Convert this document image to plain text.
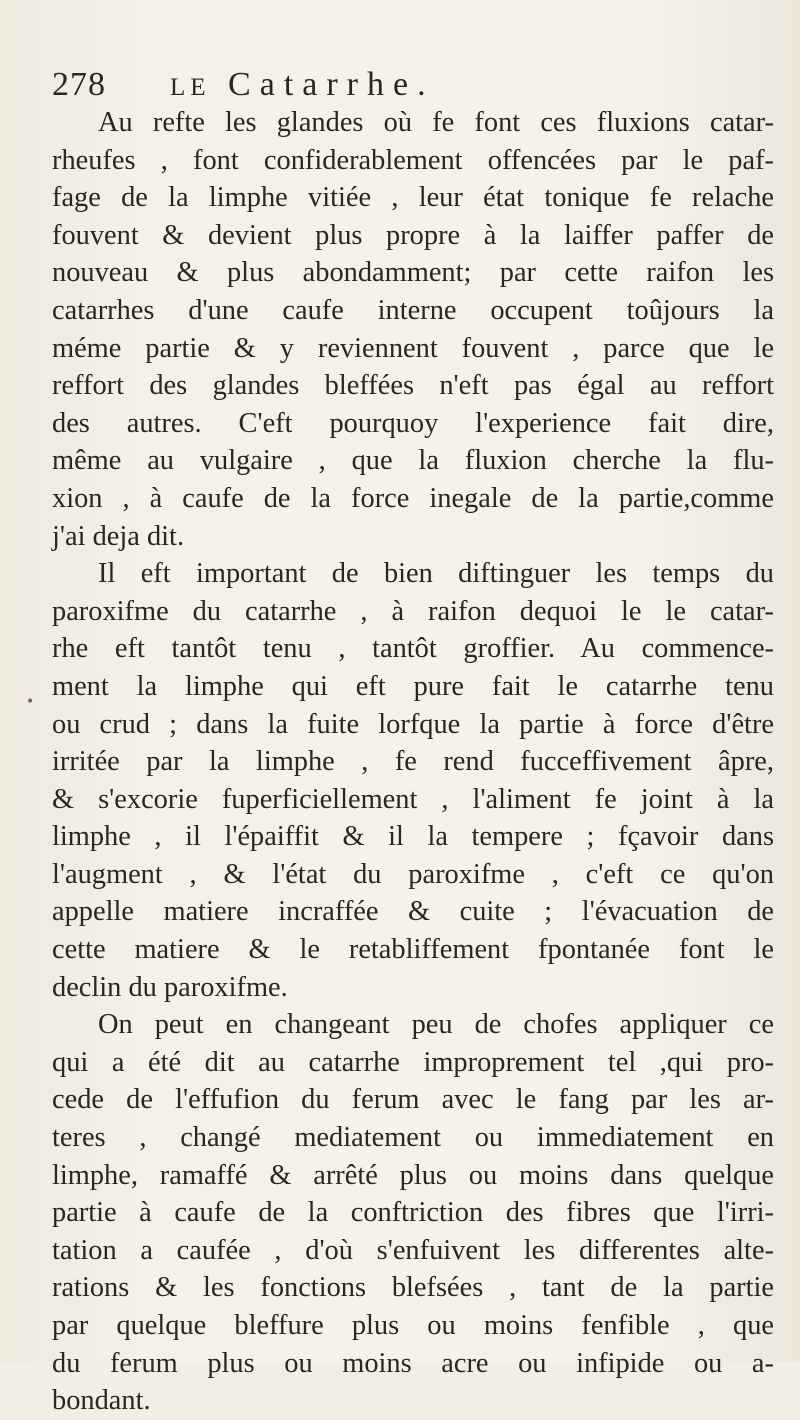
278	LE Catarrhe.
•

Au refte les glandes où fe font ces fluxions catar-
rheufes , font confiderablement offencées par le paf-
fage de la limphe vitiée , leur état tonique fe relache
fouvent & devient plus propre à la laiffer paffer de
nouveau & plus abondamment; par cette raifon les
catarrhes d'une caufe interne occupent toûjours la
méme partie & y reviennent fouvent , parce que le
reffort des glandes bleffées n'eft pas égal au reffort
des autres. C'eft pourquoy l'experience fait dire,
même au vulgaire , que la fluxion cherche la flu-
xion , à caufe de la force inegale de la partie,comme
j'ai deja dit.

Il eft important de bien diftinguer les temps du
paroxifme du catarrhe , à raifon dequoi le le catar-
rhe eft tantôt tenu , tantôt groffier. Au commence-
ment la limphe qui eft pure fait le catarrhe tenu
ou crud ; dans la fuite lorfque la partie à force d'être
irritée par la limphe , fe rend fucceffivement âpre,
& s'excorie fuperficiellement , l'aliment fe joint à la
limphe , il l'épaiffit & il la tempere ; fçavoir dans
l'augment , & l'état du paroxifme , c'eft ce qu'on
appelle matiere incraffée & cuite ; l'évacuation de
cette matiere & le retabliffement fpontanée font le
declin du paroxifme.

On peut en changeant peu de chofes appliquer ce
qui a été dit au catarrhe improprement tel ,qui pro-
cede de l'effufion du ferum avec le fang par les ar-
teres , changé mediatement ou immediatement en
limphe, ramaffé & arrêté plus ou moins dans quelque
partie à caufe de la conftriction des fibres que l'irri-
tation a caufée , d'où s'enfuivent les differentes alte-
rations & les fonctions blefsées , tant de la partie
par quelque bleffure plus ou moins fenfible , que
du ferum plus ou moins acre ou infipide ou a-
bondant.
